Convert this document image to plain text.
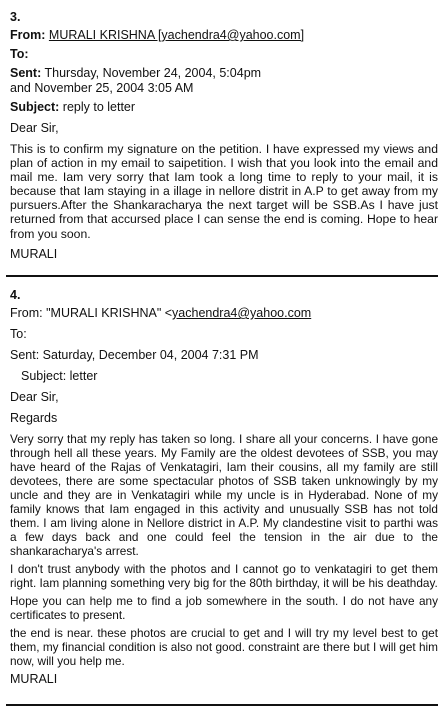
3.
From: MURALI KRISHNA [yachendra4@yahoo.com]
To:
Sent: Thursday, November 24, 2004, 5:04pm
and November 25, 2004 3:05 AM
Subject: reply to letter
Dear Sir,

This is to confirm my signature on the petition. I have expressed my views and plan of action in my email to saipetition. I wish that you look into the email and mail me. Iam very sorry that Iam took a long time to reply to your mail, it is because that Iam staying in a illage in nellore distrit in A.P to get away from my pursuers.After the Shankaracharya the next target will be SSB.As I have just returned from that accursed place I can sense the end is coming. Hope to hear from you soon.

MURALI
4.
From: "MURALI KRISHNA" <yachendra4@yahoo.com
To:
Sent: Saturday, December 04, 2004 7:31 PM
Subject: letter
Dear Sir,
Regards

Very sorry that my reply has taken so long. I share all your concerns. I have gone through hell all these years. My Family are the oldest devotees of SSB, you may have heard of the Rajas of Venkatagiri, Iam their cousins, all my family are still devotees, there are some spectacular photos of SSB taken unknowingly by my uncle and they are in Venkatagiri while my uncle is in Hyderabad. None of my family knows that Iam engaged in this activity and unusually SSB has not told them. I am living alone in Nellore district in A.P. My clandestine visit to parthi was a few days back and one could feel the tension in the air due to the shankaracharya's arrest.

I don't trust anybody with the photos and I cannot go to venkatagiri to get them right. Iam planning something very big for the 80th birthday, it will be his deathday.

Hope you can help me to find a job somewhere in the south. I do not have any certificates to present.

the end is near. these photos are crucial to get and I will try my level best to get them, my financial condition is also not good. constraint are there but I will get him now, will you help me.

MURALI
